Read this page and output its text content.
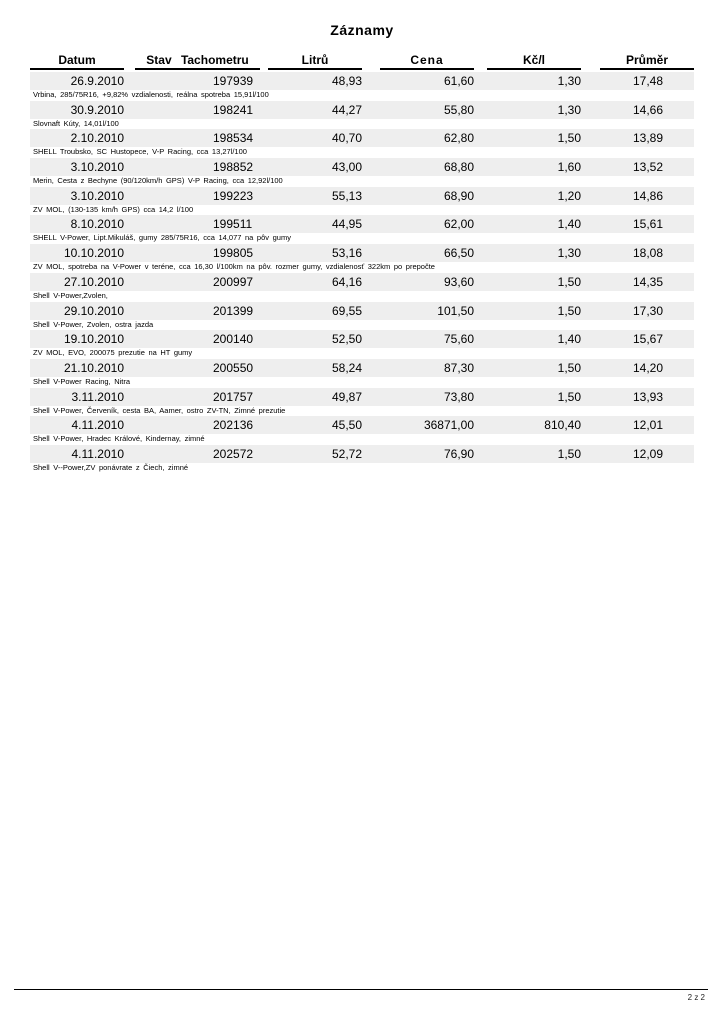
Záznamy
Datum	Stav Tachometru	Litrů	Cena	Kč/l	Průměr
26.9.2010	197939	48,93	61,60	1,30	17,48
Vrbina, 285/75R16, +9,82% vzdialenosti, reálna spotreba 15,91l/100
30.9.2010	198241	44,27	55,80	1,30	14,66
Slovnaft Kúty, 14,01l/100
2.10.2010	198534	40,70	62,80	1,50	13,89
SHELL Troubsko, SC Hustopece, V-P Racing, cca 13,27l/100
3.10.2010	198852	43,00	68,80	1,60	13,52
Merin, Cesta z Bechyne (90/120km/h GPS) V-P Racing, cca 12,92l/100
3.10.2010	199223	55,13	68,90	1,20	14,86
ZV MOL, (130-135 km/h GPS) cca 14,2 l/100
8.10.2010	199511	44,95	62,00	1,40	15,61
SHELL V-Power, Lipt.Mikuláš, gumy 285/75R16, cca 14,077 na pôv gumy
10.10.2010	199805	53,16	66,50	1,30	18,08
ZV MOL, spotreba na V-Power v teréne, cca 16,30 l/100km na pôv. rozmer gumy, vzdialenosť 322km po prepočte
27.10.2010	200997	64,16	93,60	1,50	14,35
Shell V-Power,Zvolen,
29.10.2010	201399	69,55	101,50	1,50	17,30
Shell V-Power, Zvolen, ostra jazda
19.10.2010	200140	52,50	75,60	1,40	15,67
ZV MOL, EVO, 200075 prezutie na HT gumy
21.10.2010	200550	58,24	87,30	1,50	14,20
Shell V-Power Racing, Nitra
3.11.2010	201757	49,87	73,80	1,50	13,93
Shell V-Power, Červeník, cesta BA, Aamer, ostro ZV-TN, Zimné prezutie
4.11.2010	202136	45,50	36871,00	810,40	12,01
Shell V-Power, Hradec Králové, Kindernay, zimné
4.11.2010	202572	52,72	76,90	1,50	12,09
Shell V--Power,ZV ponávrate z Čiech, zimné
2 z 2
